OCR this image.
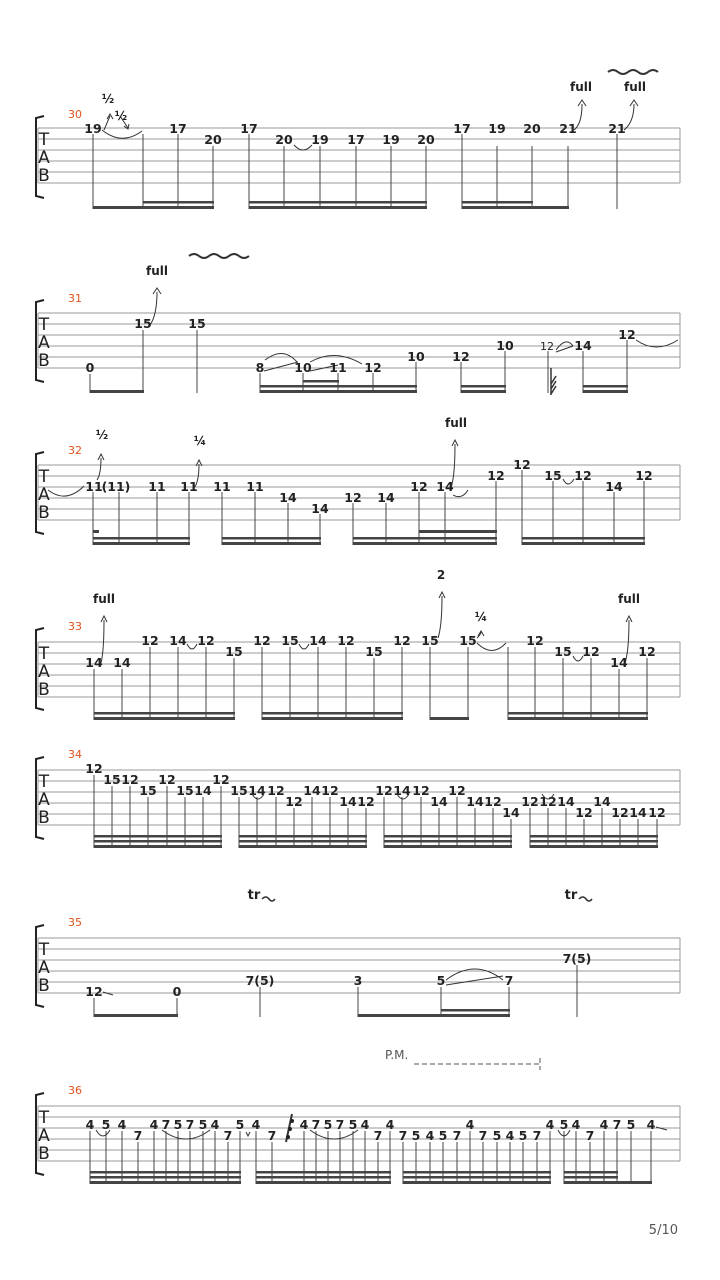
T
A
B
30
½
½
full	full
19	17
20
17
20 19 17 19 20
17 19 20 21	21
T
A
B
31
full
0
15	15
8 10 11 12
10 12
10 12 14
12
T
A
B
32
½	¼
full
11
(11) 11 11 11 11
14
14
12 14
12 14
12
12
15 12
14
12
T
A
B
33
full
2
¼
full
14 14
12 14 12
15
12 15 14 12
15
12 15 15	12
15 12
14
12
T
A
B
34
12
15 12
15
12
15 14
12
15 14 12
12
14 12
14 12
12 14 12
14
12
14 12
14
12 12 14
12
14
12 14 12
T
A
B
35
tr	tr
12	0
7(5)	3	5	7
7(5)
T
A
B
36
P.M.
4 5 4
7
4 7 5 7 5 4
7
5 4
7
4 7 5 7 5 4
7
4
7 5 4 5 7
4
7 5 4 5 7
4 5 4
7
4 7 5 4
5/10
